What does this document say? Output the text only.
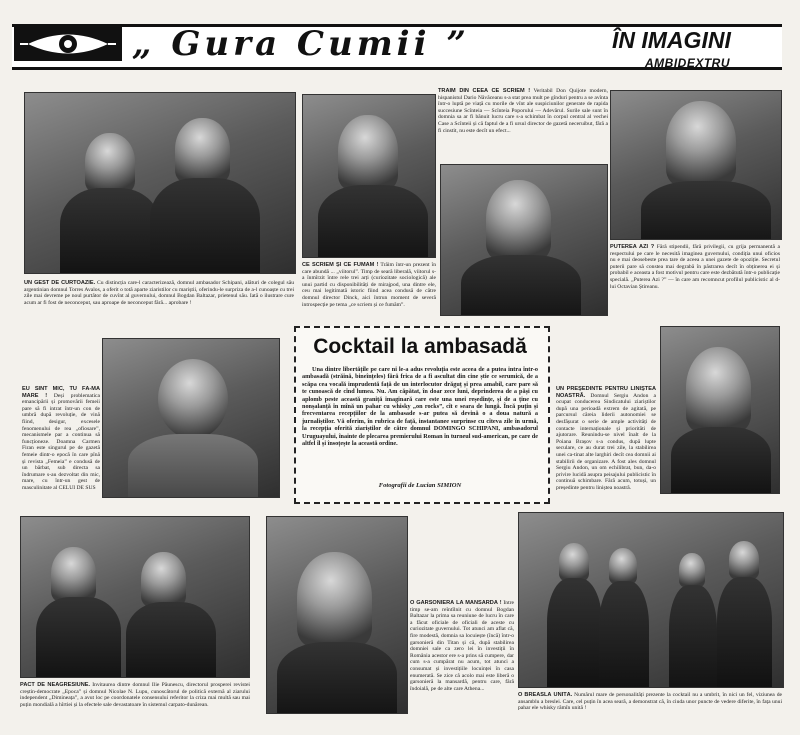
„ Gura Cumii ”	ÎN IMAGINI
AMBIDEXTRU
UN GEST DE CURTOAZIE. Cu distincția care-l caracterizează, domnul ambasador Schipani, alături de colegul său argentinian domnul Torres Avalos, a oferit o totă aparte ziaristilor cu mariștii, oferindu-le surpriza de a-l cunoaște cu trei zile mai devreme pe noul purtător de cuvînt al guvernului, domnul Bogdan Baltazar, prietenul său. Iată o ilustrare cure acum ar fi fost de neconceput, sau aproape de neconceput fără... aprobare !
TRĂIM DIN CEEA CE SCRIEM ! Veritabil Don Quijote modern, hispanistul Dario Năvăceanu s-a stat prea mult pe gînduri pentru a se avînta într-o luptă pe viață cu morile de vînt ale suspiciunilor generate de rapida succesiune Scînteia — Scînteia Poporului — Adevărul. Surile sale sunt în domnia sa ar fi bănuit lucru care s-a schimbat în corpul central al vechei Case a Scînteii și că faptul de a fi ursul director de gazetă neceruibut, fără a fi cinstit, nu este decît un efect...
CE SCRIEM ȘI CE FUMĂM ! Trăim într-un prezent în care abundă ... „viitorul”. Timp de seară liberală, viitorul s-a înmîrzit între rele trei arți (curiozitate sociologică) ale unui partid cu disponibilități de mirajpod, una dintre ele, ceu mai legitimată istoric fiind acea condusă de către domnul director Dinck, aici întrun moment de severă introspecție pe tema „ce scriem și ce fumăm”.
PUTEREA AZI ? Fără stipendii, fără privilegii, cu grija permanentă a respectului pe care le necesită imaginea guvernului, condiția unui oficios nu e mai deosebeste prea tare de aceea a unei gazete de opoziție. Secretul puterii pare să constea mai degrabă în păstrarea decît în obținerea ei și probabil e aceasta a fost motivul pentru care este dezbătută într-o publicație specială. „Puterea Azi ?” — în care am recomncut profilul publicistic al d-lui Octavian Știreanu.
EU SÎNT MIC, TU FĂ-MĂ MARE ! Deși problematica emancipării și promovării femeii pare să fi intrat într-un con de umbră după revoluție, de vină fiind, desigur, excesele fenomenului de rea „ofiosare”, mecanismele par a continua să funcționeze. Doamna Carmen Firan este singurul pe de gazetă femeie dintr-o epocă în care pînă și revista „Femeia” e condusă de un bărbat, sub directa sa îndrumare s-au dezvoltat din mic, mare, cu într-un gest de masculinitate al CELUI DE SUS
Cocktail la ambasadă
Una dintre libertățile pe care ni le-a adus revoluția este aceea de a putea intra într-o ambasadă (străină, bineînțeles) fără frica de a fi ascultat din cine știe ce serumică, de a scăpa cea vocală imprudentă față de un interlocutor drăguț și prea amabil, care pare să te cunoască de cînd lumea. Nu. Am căpătat, în doar zece luni, deprinderea de a păși cu aplomb peste această graniță imaginară care este una unei reședințe, și de a ține cu nonșalanță în mînă un pahar cu whisky „on rocks”, cît e seara de lungă. Încă puțin și frecventarea recepțiilor de la ambasade s-ar putea să devină o a doua natură a jurnaliștilor. Vă oferim, în rubrica de față, instantanee surprinse cu cîteva zile în urmă, la recepția oferită ziariștilor de către domnul DOMINGO SCHIPANI, ambasadorul Uruguayului, înainte de plecarea premierului Roman în turneul sud-american, pe care de altfel îl și însoțește la această ordine.
Fotografii de Lucian SIMION
UN PREȘEDINTE PENTRU LINIȘTEA NOASTRĂ. Domnul Sergiu Andon a ocupat conducerea Sindicatului ziariștilor după una perioadă extrem de agitată, pe parcursul căreia liderii autonomiei se desfășurat o serie de ample activități de contacte internaționale și priorităti de ajutorare. Reunindu-se nivel înalt de la Poiana Brașov s-a condus, după lupte seculare, ce au durat trei zile, la stabilirea unei ca-tinat alte larghiri decît cea domnii ai stabilirii de organizare. A fost ales domnul Sergiu Andon, un om echilibrat, bun, da-o privire lucidă asupra peisajului publicistic în continuă schimbare. Fără acum, totuși, un președinte pentru liniștea noastră.
PACT DE NEAGRESIUNE. Invitaurea dintre domnul Ilie Păunescu, directorul prosperei revistei creștin-democrate „Epoca” și domnul Nicolae N. Lupu, cunoscătorul de politică externă al ziarului independent „Dimineața”, a avut loc pe coordonatele consensului referitor la criza mai multă sau mai puțin mondială a hîrtiei și la efectele sale devastatoare în sistemul carpato-dunărean.
O GARSONIERĂ LA MANSARDĂ ! Între timp se-am reîntîlnit cu domnul Bogdan Baltazar la prima sa reuniune de lucru în care a făcut oficiale de oficiali de aceste cu curiozitate guvernului. Tot atunci am aflat că, fire modestă, domnia sa locuiește (încă) într-o garsonieră din Titan și că, după stabilirea domniei sale ca zero lei în investiții în România acestor ere s-a prins să cumpere, dar cum s-a cumpărat nu acum, tot atunci a consumat și investițiile locuinței în casa enumerată. Se zice că acolo mai este liberă o garsonieră la mansardă, pentru care, fără îndoială, pe de alte care Athena...
O BREASLĂ UNITĂ. Numărul mare de personalități prezente la cocktail nu a umbrit, în nici un fel, viziunea de ansamblu a breslei. Care, cel puțin în acea seară, a demonstrat că, în ciuda unor puncte de vedere diferite, în fața unui pahar ele whisky rămîn unită !
